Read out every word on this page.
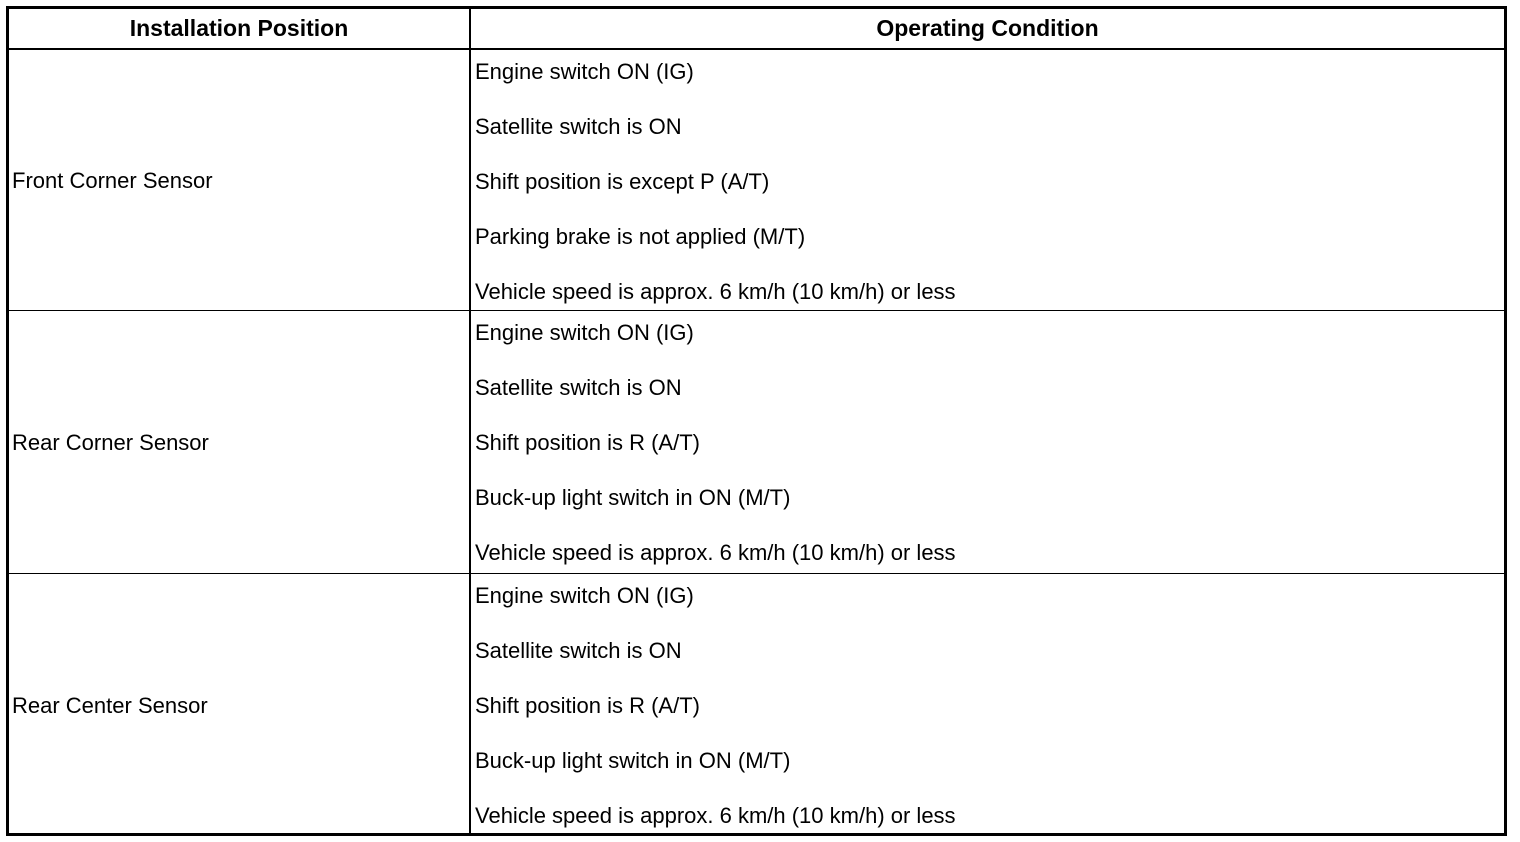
Installation Position	Operating Condition
Front Corner Sensor
Engine switch ON (IG)
Satellite switch is ON
Shift position is except P (A/T)
Parking brake is not applied (M/T)
Vehicle speed is approx. 6 km/h (10 km/h) or less
Rear Corner Sensor
Engine switch ON (IG)
Satellite switch is ON
Shift position is R (A/T)
Buck-up light switch in ON (M/T)
Vehicle speed is approx. 6 km/h (10 km/h) or less
Rear Center Sensor
Engine switch ON (IG)
Satellite switch is ON
Shift position is R (A/T)
Buck-up light switch in ON (M/T)
Vehicle speed is approx. 6 km/h (10 km/h) or less
